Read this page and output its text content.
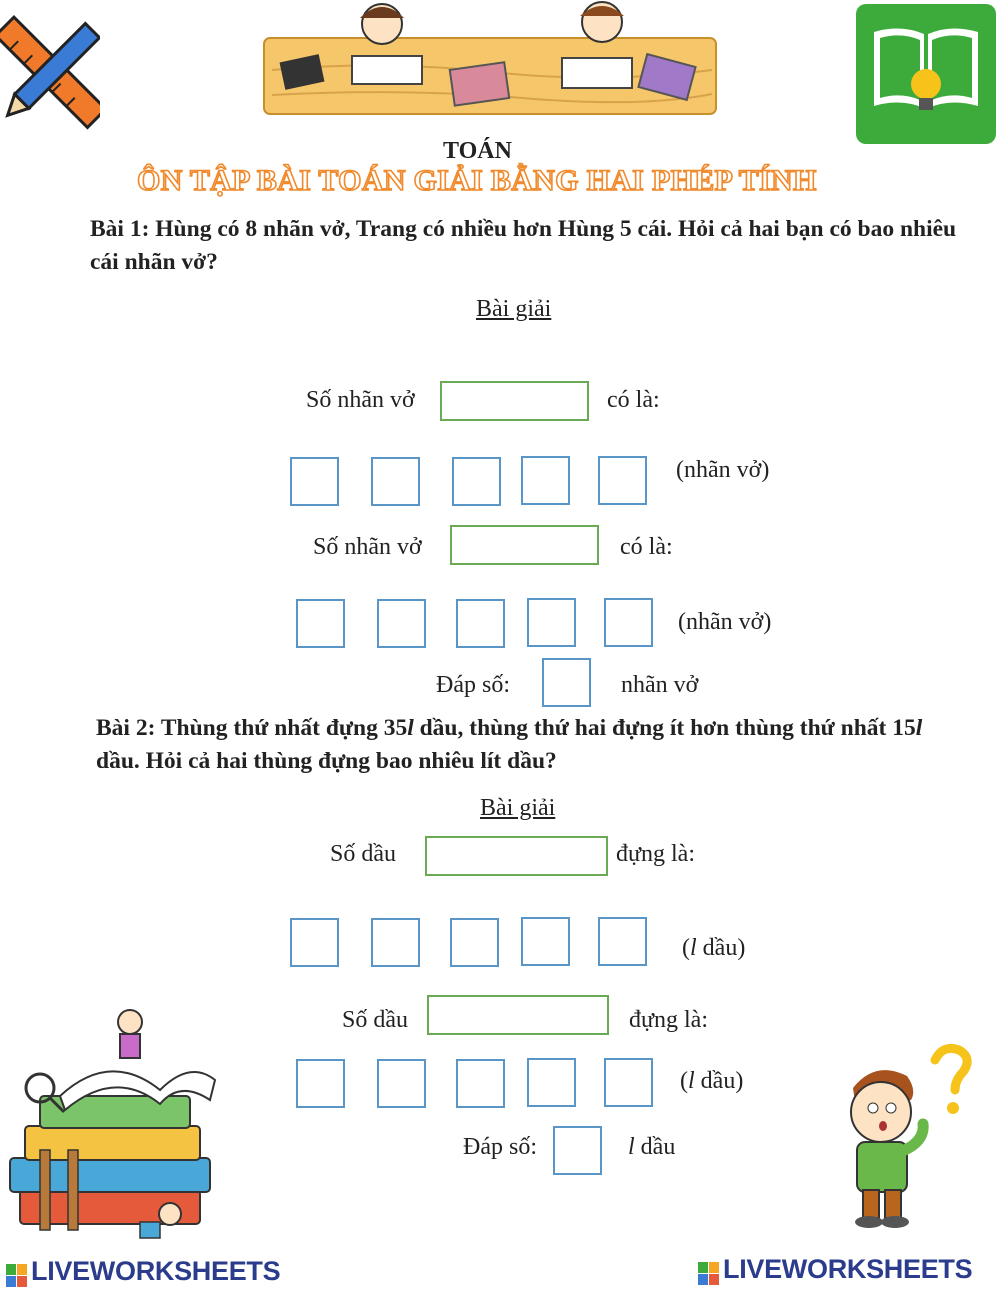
TOÁN
ÔN TẬP BÀI TOÁN GIẢI BẰNG HAI PHÉP TÍNH
Bài 1: Hùng có 8 nhãn vở, Trang có nhiều hơn Hùng 5 cái. Hỏi cả hai bạn có bao nhiêu cái nhãn vở?
Bài giải
Số nhãn vở	có là:
(nhãn vở)
Số nhãn vở	có là:
(nhãn vở)
Đáp số:	nhãn vở
Bài 2: Thùng thứ nhất đựng 35l dầu, thùng thứ hai đựng ít hơn thùng thứ nhất 15l dầu. Hỏi cả hai thùng đựng bao nhiêu lít dầu?
Bài giải
Số dầu	đựng là:
(l dầu)
Số dầu	đựng là:
(l dầu)
Đáp số:	l dầu
LIVEWORKSHEETS	LIVEWORKSHEETS
